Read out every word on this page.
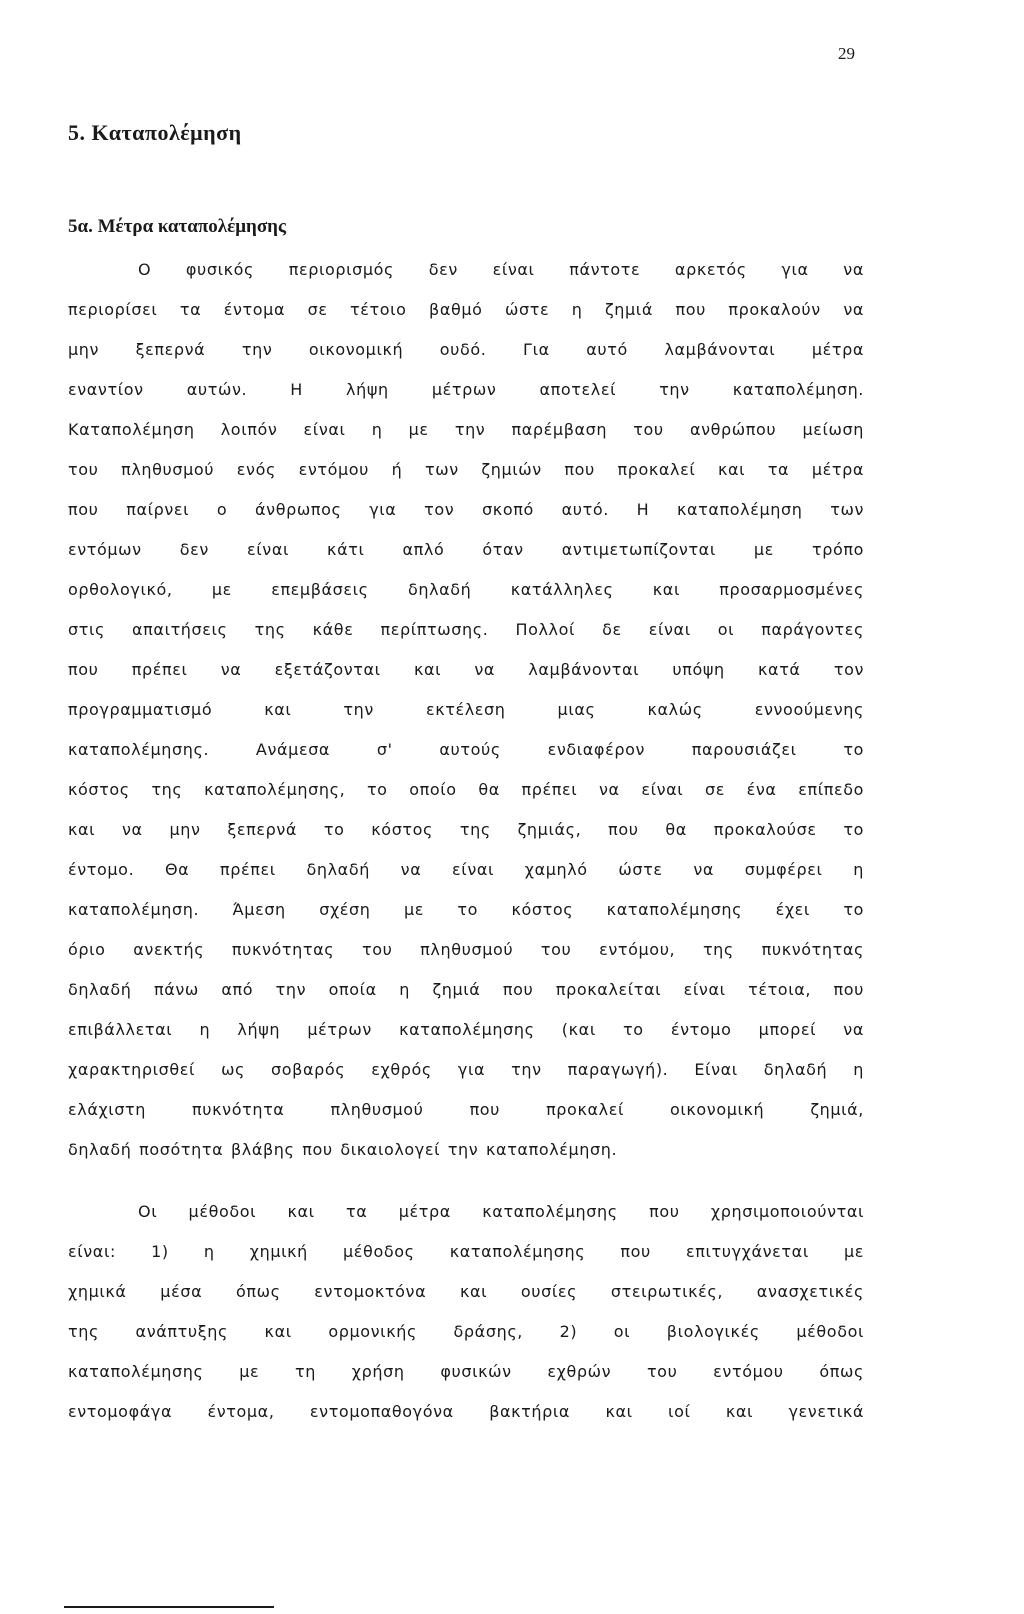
29
5. Καταπολέμηση
5α. Μέτρα καταπολέμησης
Ο φυσικός περιορισμός δεν είναι πάντοτε αρκετός για να
περιορίσει τα έντομα σε τέτοιο βαθμό ώστε η ζημιά που προκαλούν να
μην ξεπερνά την οικονομική ουδό. Για αυτό λαμβάνονται μέτρα
εναντίον αυτών. Η λήψη μέτρων αποτελεί την καταπολέμηση.
Καταπολέμηση λοιπόν είναι η με την παρέμβαση του ανθρώπου μείωση
του πληθυσμού ενός εντόμου ή των ζημιών που προκαλεί και τα μέτρα
που παίρνει ο άνθρωπος για τον σκοπό αυτό. Η καταπολέμηση των
εντόμων δεν είναι κάτι απλό όταν αντιμετωπίζονται με τρόπο
ορθολογικό, με επεμβάσεις δηλαδή κατάλληλες και προσαρμοσμένες
στις απαιτήσεις της κάθε περίπτωσης. Πολλοί δε είναι οι παράγοντες
που πρέπει να εξετάζονται και να λαμβάνονται υπόψη κατά τον
προγραμματισμό και την εκτέλεση μιας καλώς εννοούμενης
καταπολέμησης. Ανάμεσα σ' αυτούς ενδιαφέρον παρουσιάζει το
κόστος της καταπολέμησης, το οποίο θα πρέπει να είναι σε ένα επίπεδο
και να μην ξεπερνά το κόστος της ζημιάς, που θα προκαλούσε το
έντομο. Θα πρέπει δηλαδή να είναι χαμηλό ώστε να συμφέρει η
καταπολέμηση. Άμεση σχέση με το κόστος καταπολέμησης έχει το
όριο ανεκτής πυκνότητας του πληθυσμού του εντόμου, της πυκνότητας
δηλαδή πάνω από την οποία η ζημιά που προκαλείται είναι τέτοια, που
επιβάλλεται η λήψη μέτρων καταπολέμησης (και το έντομο μπορεί να
χαρακτηρισθεί ως σοβαρός εχθρός για την παραγωγή). Είναι δηλαδή η
ελάχιστη πυκνότητα πληθυσμού που προκαλεί οικονομική ζημιά,
δηλαδή ποσότητα βλάβης που δικαιολογεί την καταπολέμηση.
Οι μέθοδοι και τα μέτρα καταπολέμησης που χρησιμοποιούνται
είναι: 1) η χημική μέθοδος καταπολέμησης που επιτυγχάνεται με
χημικά μέσα όπως εντομοκτόνα και ουσίες στειρωτικές, ανασχετικές
της ανάπτυξης και ορμονικής δράσης, 2) οι βιολογικές μέθοδοι
καταπολέμησης με τη χρήση φυσικών εχθρών του εντόμου όπως
εντομοφάγα έντομα, εντομοπαθογόνα βακτήρια και ιοί και γενετικά
